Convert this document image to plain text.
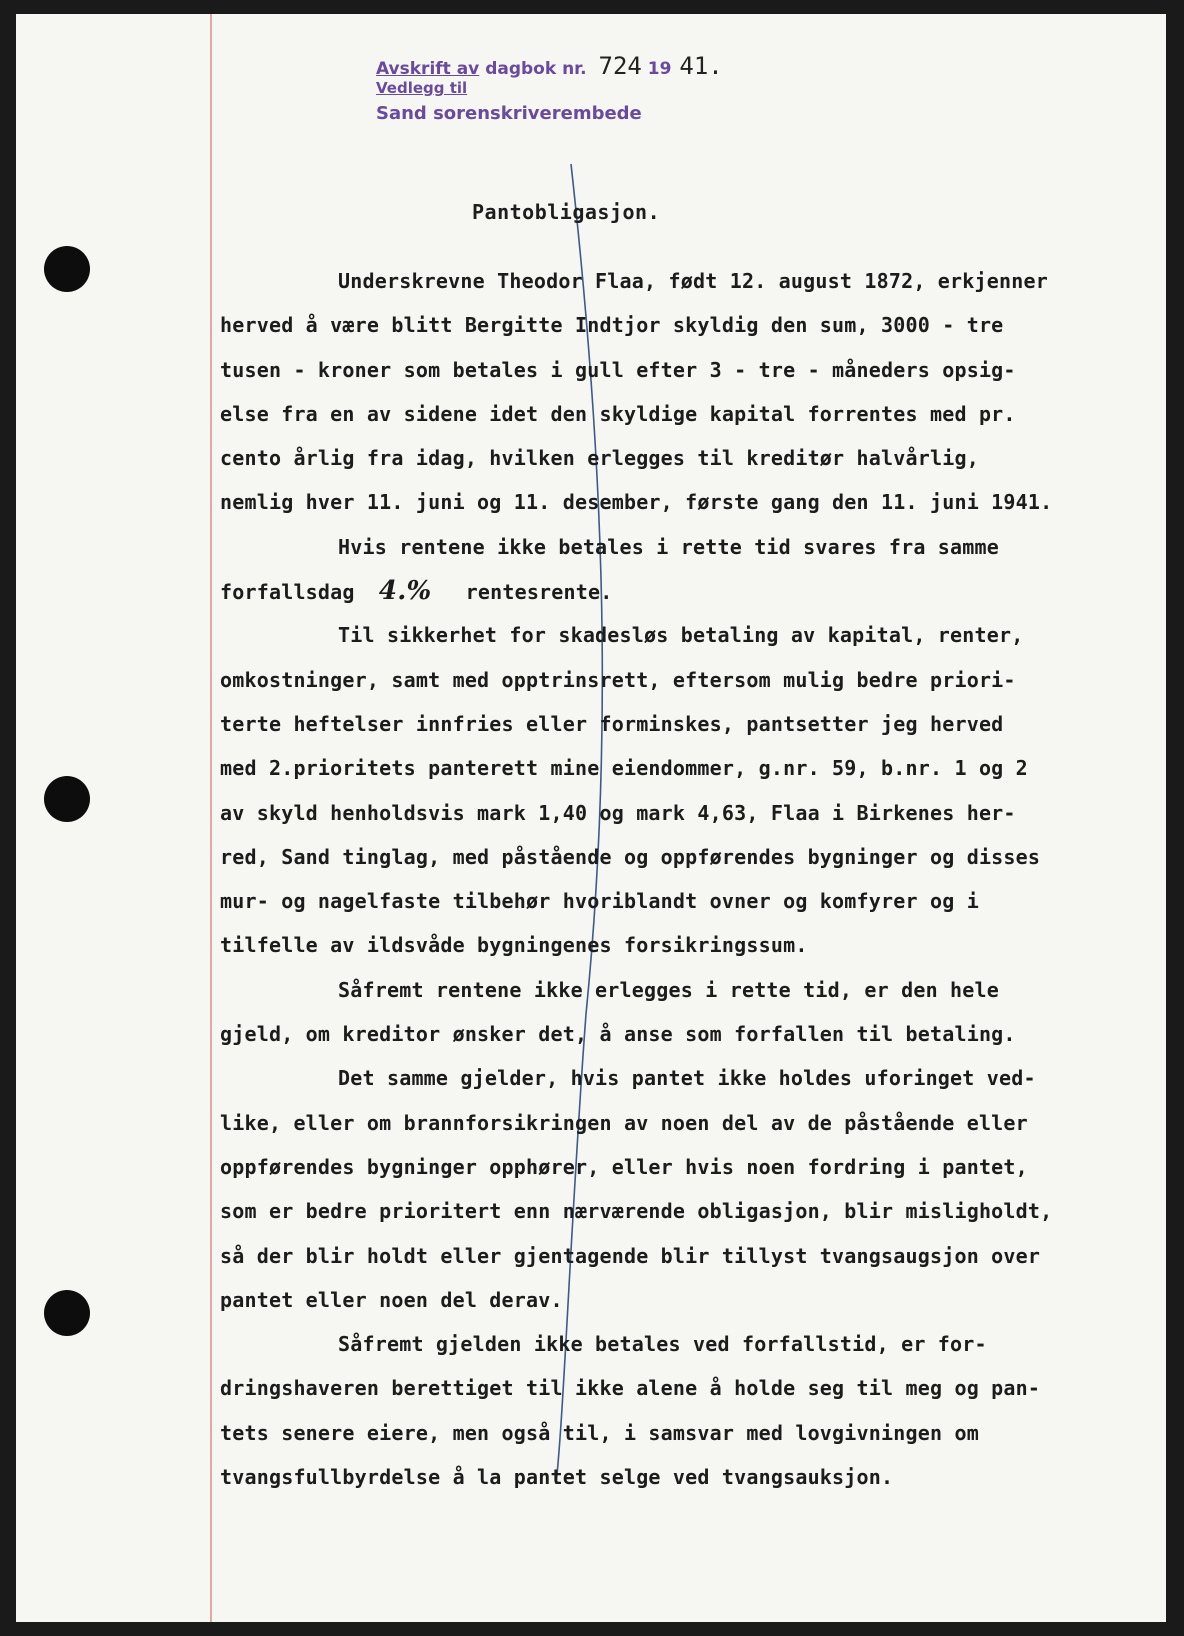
Avskrift av dagbok nr. 724 19 41.
Vedlegg til
Sand sorenskriverembede
Pantobligasjon.
Underskrevne Theodor Flaa, født 12. august 1872, erkjenner
herved å være blitt Bergitte Indtjor skyldig den sum, 3000 - tre
tusen - kroner som betales i gull efter 3 - tre - måneders opsig-
else fra en av sidene idet den skyldige kapital forrentes med pr.
cento årlig fra idag, hvilken erlegges til kreditør halvårlig,
nemlig hver 11. juni og 11. desember, første gang den 11. juni 1941.
Hvis rentene ikke betales i rette tid svares fra samme
forfallsdag 4.% rentesrente.
Til sikkerhet for skadesløs betaling av kapital, renter,
omkostninger, samt med opptrinsrett, eftersom mulig bedre priori-
terte heftelser innfries eller forminskes, pantsetter jeg herved
med 2.prioritets panterett mine eiendommer, g.nr. 59, b.nr. 1 og 2
av skyld henholdsvis mark 1,40 og mark 4,63, Flaa i Birkenes her-
red, Sand tinglag, med påstående og oppførendes bygninger og disses
mur- og nagelfaste tilbehør hvoriblandt ovner og komfyrer og i
tilfelle av ildsvåde bygningenes forsikringssum.
Såfremt rentene ikke erlegges i rette tid, er den hele
gjeld, om kreditor ønsker det, å anse som forfallen til betaling.
Det samme gjelder, hvis pantet ikke holdes uforinget ved-
like, eller om brannforsikringen av noen del av de påstående eller
oppførendes bygninger opphører, eller hvis noen fordring i pantet,
som er bedre prioritert enn nærværende obligasjon, blir misligholdt,
så der blir holdt eller gjentagende blir tillyst tvangsaugsjon over
pantet eller noen del derav.
Såfremt gjelden ikke betales ved forfallstid, er for-
dringshaveren berettiget til ikke alene å holde seg til meg og pan-
tets senere eiere, men også til, i samsvar med lovgivningen om
tvangsfullbyrdelse å la pantet selge ved tvangsauksjon.
